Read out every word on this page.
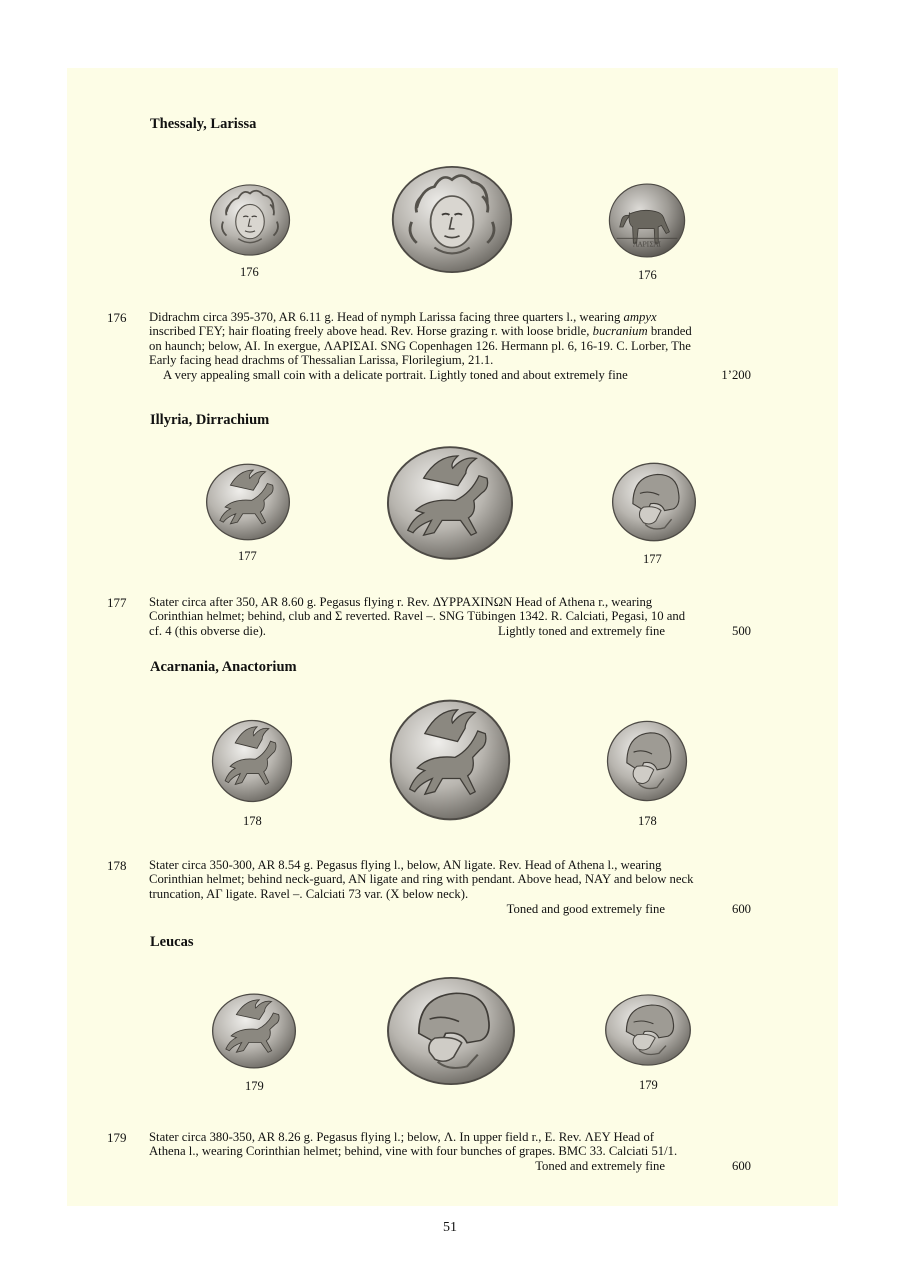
Thessaly, Larissa
176	176
176 Didrachm circa 395-370, AR 6.11 g. Head of nymph Larissa facing three quarters l., wearing ampyx
inscribed ΓΕΥ; hair floating freely above head. Rev. Horse grazing r. with loose bridle, bucranium branded
on haunch; below, AI. In exergue, ΛΑΡΙΣΑΙ. SNG Copenhagen 126. Hermann pl. 6, 16-19. C. Lorber, The
Early facing head drachms of Thessalian Larissa, Florilegium, 21.1.
A very appealing small coin with a delicate portrait. Lightly toned and about extremely fine	1’200
Illyria, Dirrachium
177	177
177 Stater circa after 350, AR 8.60 g. Pegasus flying r. Rev. ΔΥΡΡΑΧΙΝΩΝ Head of Athena r., wearing
Corinthian helmet; behind, club and Σ reverted. Ravel –. SNG Tübingen 1342. R. Calciati, Pegasi, 10 and
cf. 4 (this obverse die).	Lightly toned and extremely fine	500
Acarnania, Anactorium
178	178
178 Stater circa 350-300, AR 8.54 g. Pegasus flying l., below, AN ligate. Rev. Head of Athena l., wearing
Corinthian helmet; behind neck-guard, AN ligate and ring with pendant. Above head, NAY and below neck
truncation, AΓ ligate. Ravel –. Calciati 73 var. (X below neck).
Toned and good extremely fine	600
Leucas
179	179
179 Stater circa 380-350, AR 8.26 g. Pegasus flying l.; below, Λ. In upper field r., E. Rev. ΛΕΥ Head of
Athena l., wearing Corinthian helmet; behind, vine with four bunches of grapes. BMC 33. Calciati 51/1.
Toned and extremely fine	600
51
